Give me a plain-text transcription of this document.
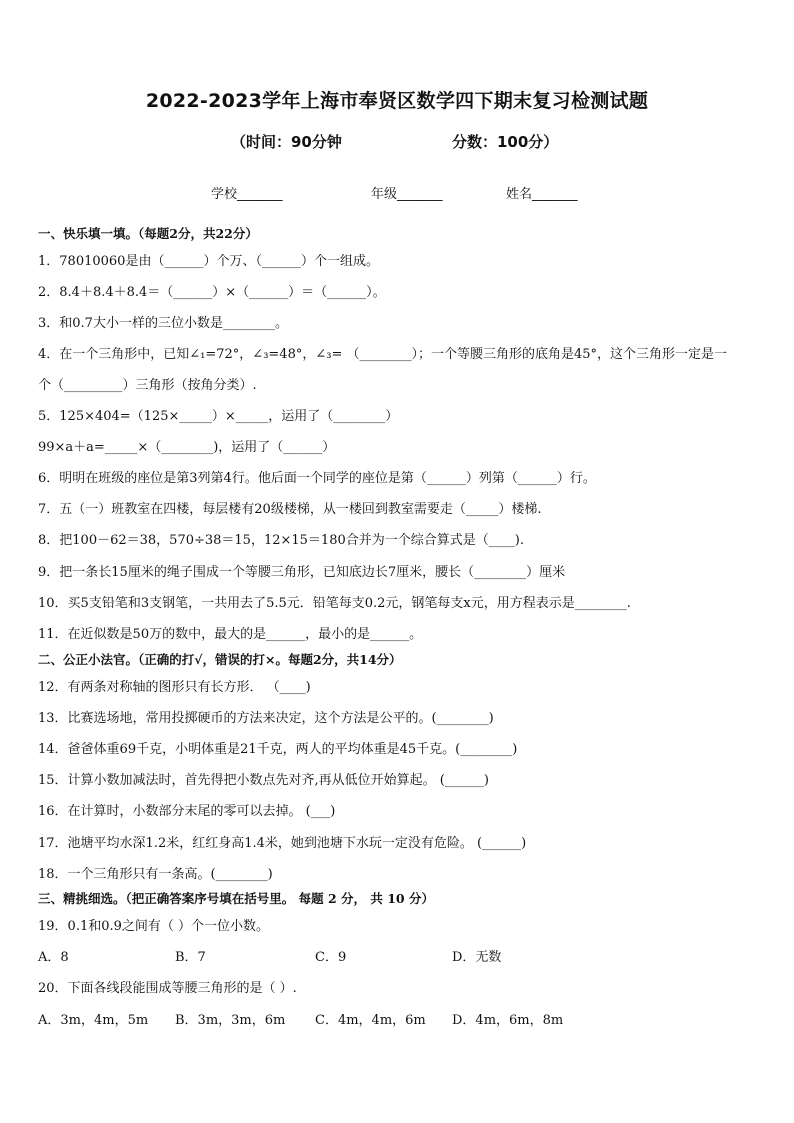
2022-2023学年上海市奉贤区数学四下期末复习检测试题
（时间：90分钟	分数：100分）
学校_______	年级_______	姓名_______
一、快乐填一填。（每题2分，共22分）
1．78010060是由（______）个万、（______）个一组成。
2．8.4＋8.4＋8.4＝（______）×（______）＝（______）。
3．和0.7大小一样的三位小数是________。
4．在一个三角形中，已知∠₁=72°，∠₃=48°，∠₃= （________）；一个等腰三角形的底角是45°，这个三角形一定是一
个（_________）三角形（按角分类）.
5．125×404=（125×_____）×_____，运用了（________）
99×a＋a=_____×（________)，运用了（______）
6．明明在班级的座位是第3列第4行。他后面一个同学的座位是第（______）列第（______）行。
7．五（一）班教室在四楼，每层楼有20级楼梯，从一楼回到教室需要走（_____）楼梯.
8．把100－62＝38，570÷38＝15，12×15＝180合并为一个综合算式是（____).
9．把一条长15厘米的绳子围成一个等腰三角形，已知底边长7厘米，腰长（________）厘米
10．买5支铅笔和3支钢笔，一共用去了5.5元．铅笔每支0.2元，钢笔每支x元，用方程表示是________.
11．在近似数是50万的数中，最大的是______，最小的是______。
二、公正小法官。（正确的打√，错误的打×。每题2分，共14分）
12．有两条对称轴的图形只有长方形． （____)
13．比赛选场地，常用投掷硬币的方法来决定，这个方法是公平的。(________)
14．爸爸体重69千克，小明体重是21千克，两人的平均体重是45千克。(________)
15．计算小数加减法时，首先得把小数点先对齐,再从低位开始算起。 (______)
16．在计算时，小数部分末尾的零可以去掉。 (___)
17．池塘平均水深1.2米，红红身高1.4米，她到池塘下水玩一定没有危险。 (______)
18．一个三角形只有一条高。(________)
三、精挑细选。（把正确答案序号填在括号里。 每题 2 分， 共 10 分）
19．0.1和0.9之间有（ ）个一位小数。
A．8	B．7	C．9	D．无数
20．下面各线段能围成等腰三角形的是（ ）.
A．3m，4m，5m B．3m，3m，6m C．4m，4m，6m D．4m，6m，8m
